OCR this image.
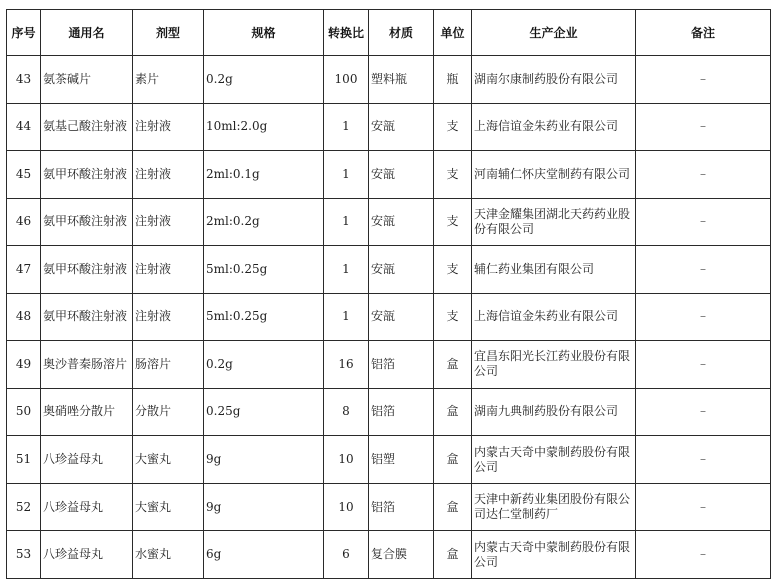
序号	通用名	剂型	规格	转换比	材质	单位	生产企业	备注
43	氨茶碱片	素片	0.2g	100	塑料瓶	瓶	湖南尔康制药股份有限公司	–
44	氨基己酸注射液	注射液	10ml:2.0g	1	安瓿	支	上海信谊金朱药业有限公司	–
45	氨甲环酸注射液	注射液	2ml:0.1g	1	安瓿	支	河南辅仁怀庆堂制药有限公司	–
46	氨甲环酸注射液	注射液	2ml:0.2g	1	安瓿	支	天津金耀集团湖北天药药业股份有限公司	–
47	氨甲环酸注射液	注射液	5ml:0.25g	1	安瓿	支	辅仁药业集团有限公司	–
48	氨甲环酸注射液	注射液	5ml:0.25g	1	安瓿	支	上海信谊金朱药业有限公司	–
49	奥沙普秦肠溶片	肠溶片	0.2g	16	铝箔	盒	宜昌东阳光长江药业股份有限公司	–
50	奥硝唑分散片	分散片	0.25g	8	铝箔	盒	湖南九典制药股份有限公司	–
51	八珍益母丸	大蜜丸	9g	10	铝塑	盒	内蒙古天奇中蒙制药股份有限公司	–
52	八珍益母丸	大蜜丸	9g	10	铝箔	盒	天津中新药业集团股份有限公司达仁堂制药厂	–
53	八珍益母丸	水蜜丸	6g	6	复合膜	盒	内蒙古天奇中蒙制药股份有限公司	–
